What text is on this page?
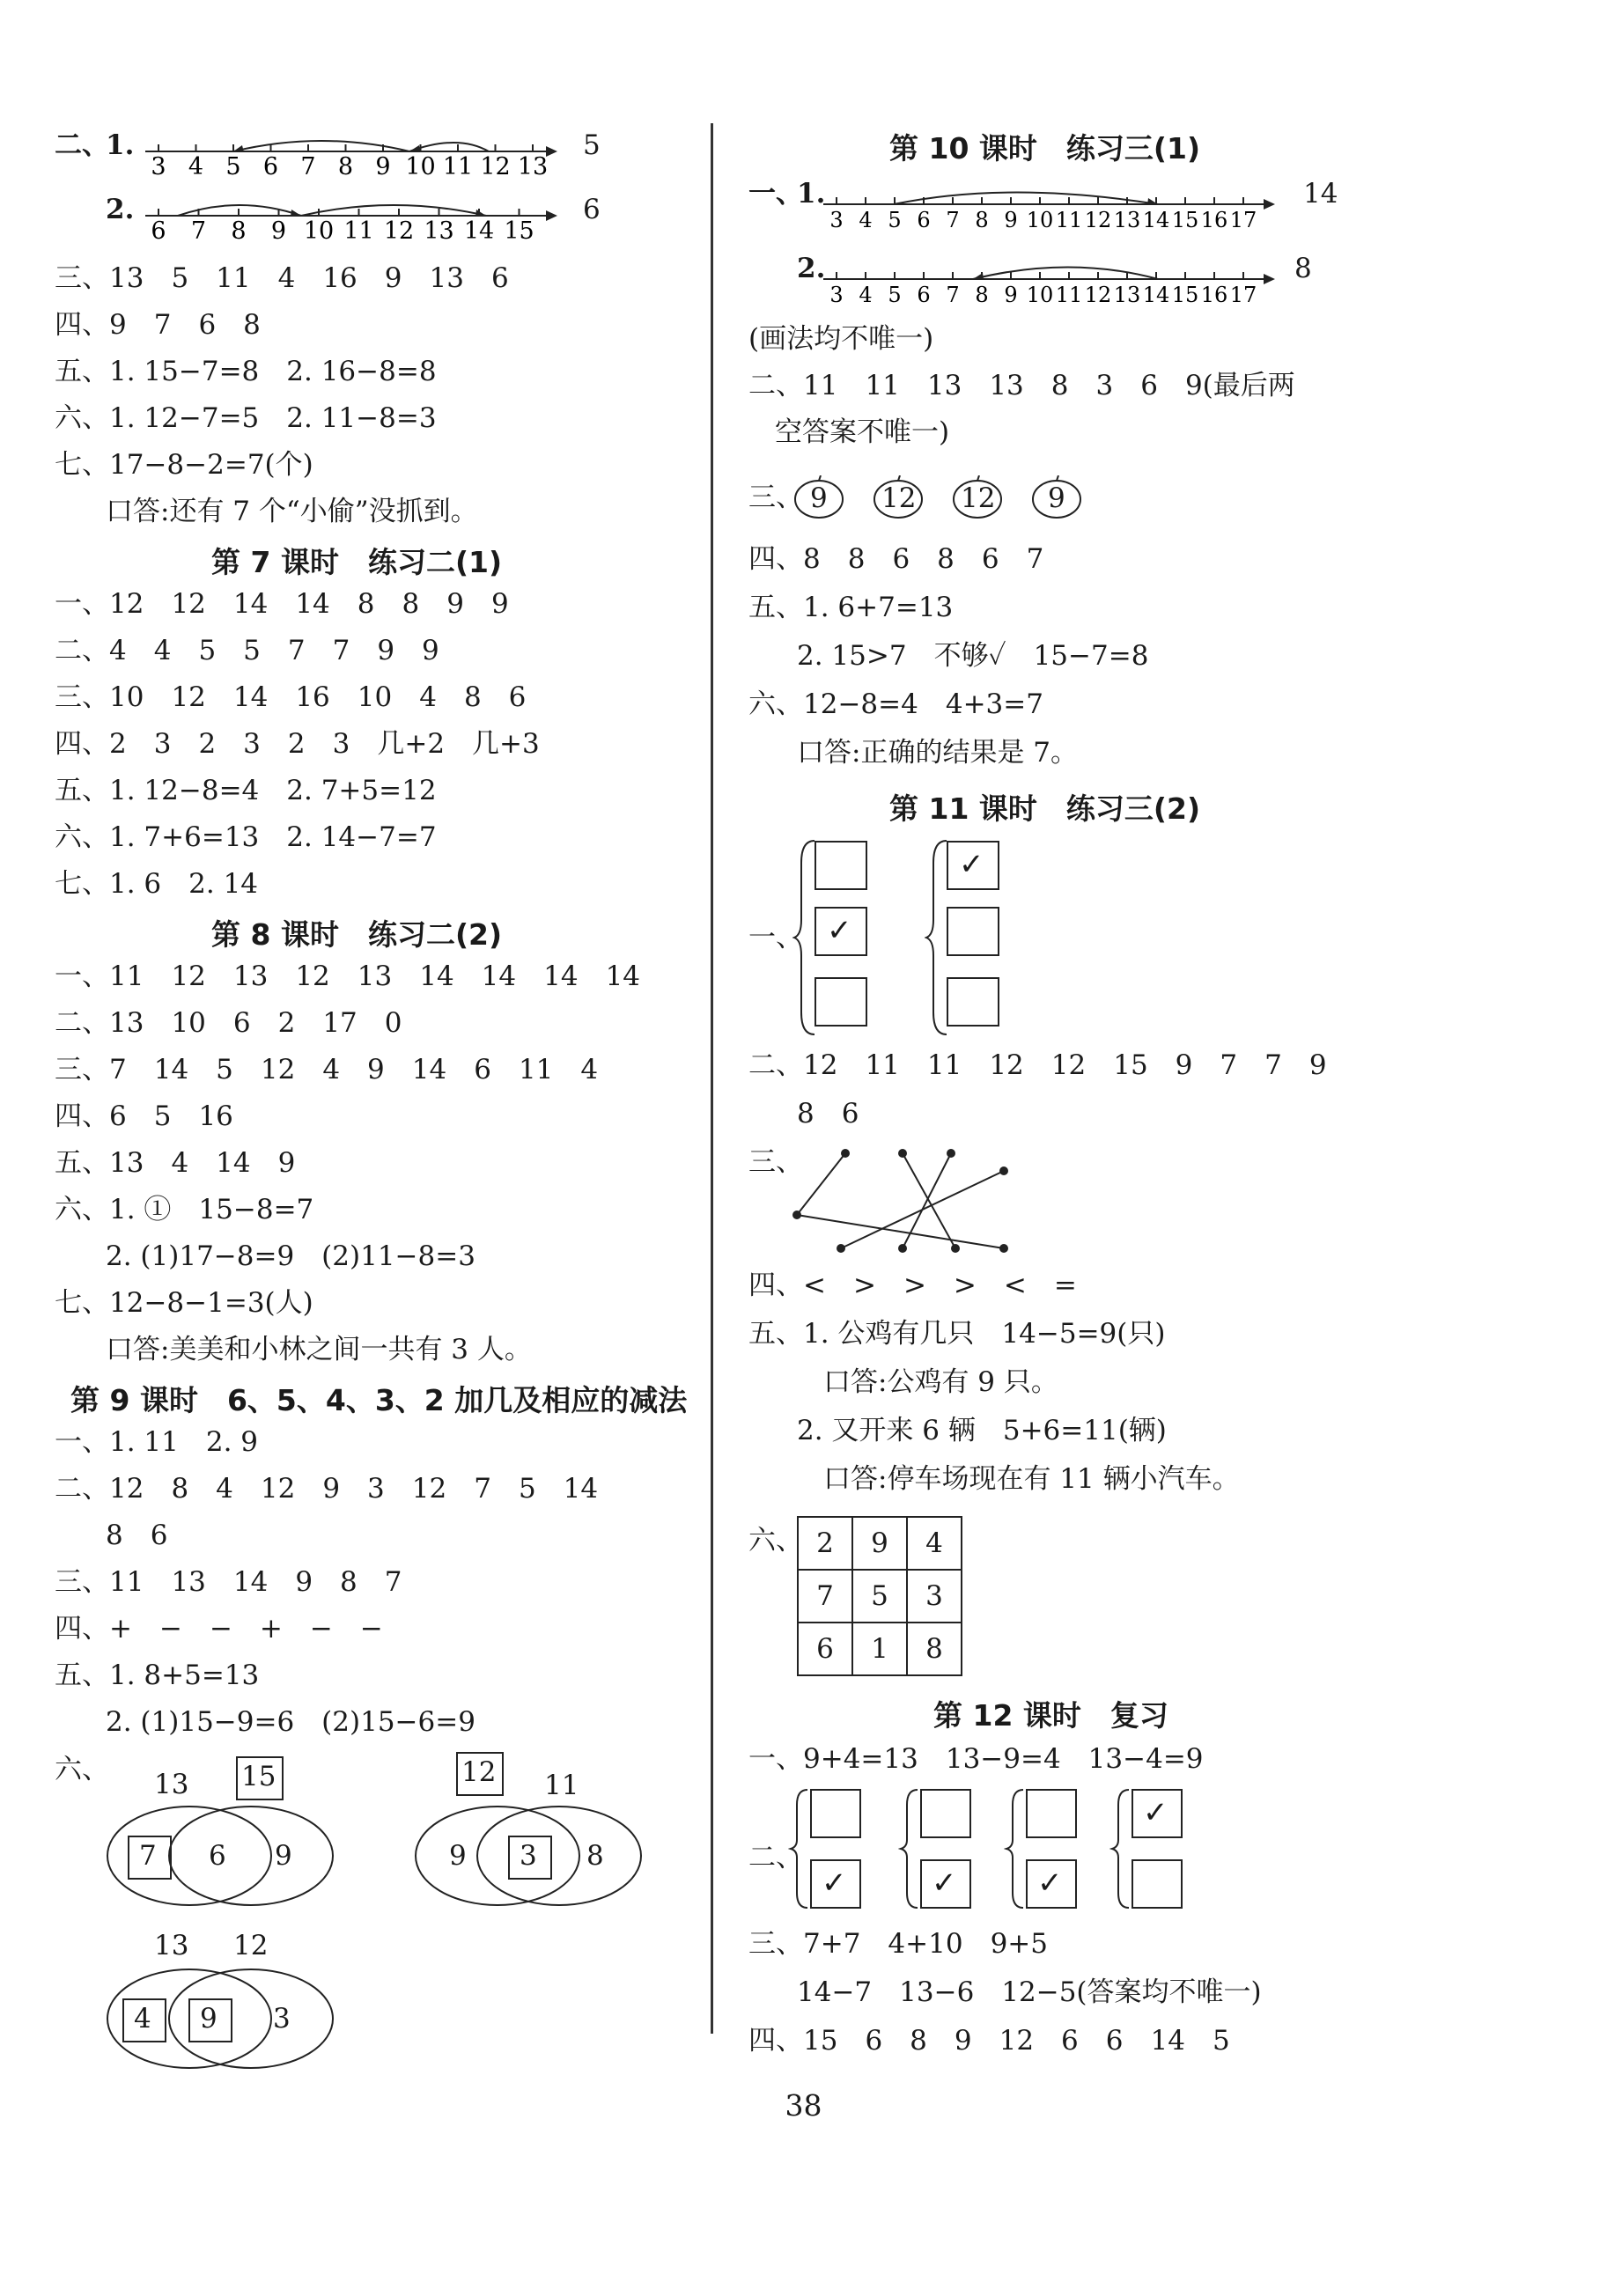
二、
1.
3 4 5 6 7 8 9 10 11 12 13
5
2.
6 7 8 9 10 11 12 13 14 15
6
三、13　5　11　4　16　9　13　6
四、9　7　6　8
五、1. 15−7=8　2. 16−8=8
六、1. 12−7=5　2. 11−8=3
七、17−8−2=7(个)
口答:还有 7 个“小偷”没抓到。
第 7 课时　练习二(1)
一、12　12　14　14　8　8　9　9
二、4　4　5　5　7　7　9　9
三、10　12　14　16　10　4　8　6
四、2　3　2　3　2　3　几+2　几+3
五、1. 12−8=4　2. 7+5=12
六、1. 7+6=13　2. 14−7=7
七、1. 6　2. 14
第 8 课时　练习二(2)
一、11　12　13　12　13　14　14　14　14
二、13　10　6　2　17　0
三、7　14　5　12　4　9　14　6　11　4
四、6　5　16
五、13　4　14　9
六、1. ①　15−8=7
2. (1)17−8=9　(2)11−8=3
七、12−8−1=3(人)
口答:美美和小林之间一共有 3 人。
第 9 课时　6、5、4、3、2 加几及相应的减法
一、1. 11　2. 9
二、12　8　4　12　9　3　12　7　5　14
8　6
三、11　13　14　9　8　7
四、+　−　−　+　−　−
五、1. 8+5=13
2. (1)15−9=6　(2)15−6=9
六、 13 15
7 6 9
12 11
9 3 8
13 12
4 9 3
第 10 课时　练习三(1)
一、
1.
3 4 5 6 7 8 9 10 11 12 13 14 15 16 17
14
2.
3 4 5 6 7 8 9 10 11 12 13 14 15 16 17
8
(画法均不唯一)
二、11　11　13　13　8　3　6　9(最后两
空答案不唯一)
三、 9 12 12 9
四、8　8　6　8　6　7
五、1. 6+7=13
2. 15>7　不够✓　15−7=8
六、12−8=4　4+3=7
口答:正确的结果是 7。
第 11 课时　练习三(2)
一、 ✓
✓
二、12　11　11　12　12　15　9　7　7　9
8　6
三、
四、<　>　>　>　<　=
五、1. 公鸡有几只　14−5=9(只)
口答:公鸡有 9 只。
2. 又开来 6 辆　5+6=11(辆)
口答:停车场现在有 11 辆小汽车。
六、 2	9	4
7	5	3
6	1	8
第 12 课时　复习
一、9+4=13　13−9=4　13−4=9
二、
✓	✓	✓
✓
三、7+7　4+10　9+5
14−7　13−6　12−5(答案均不唯一)
四、15　6　8　9　12　6　6　14　5
38
